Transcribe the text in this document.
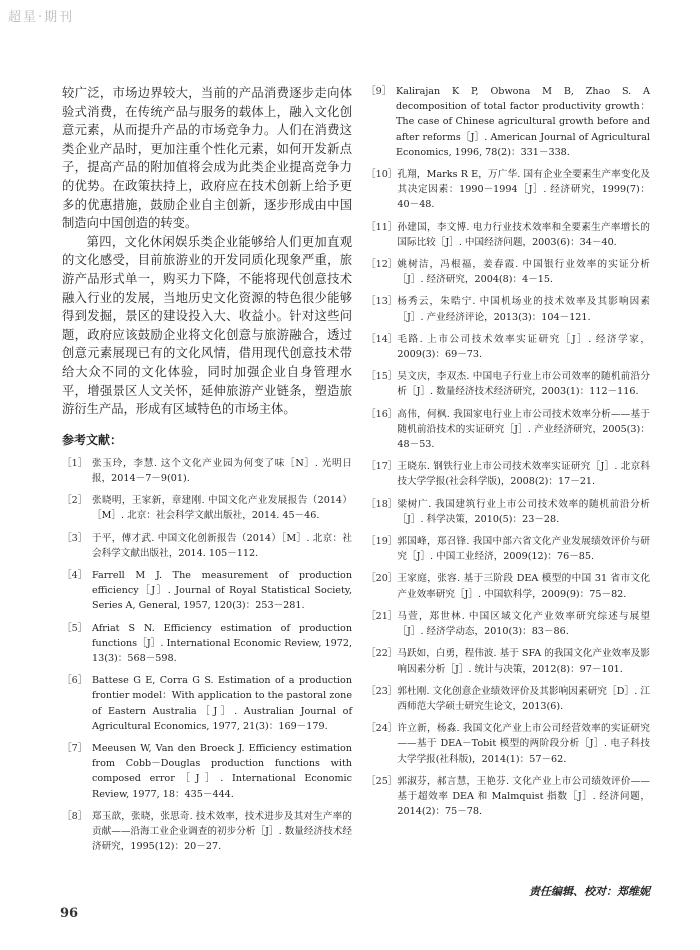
超星·期刊

较广泛，市场边界较大，当前的产品消费逐步走向体验式消费，在传统产品与服务的载体上，融入文化创意元素，从而提升产品的市场竞争力。人们在消费这类企业产品时，更加注重个性化元素，如何开发新点子，提高产品的附加值将会成为此类企业提高竞争力的优势。在政策扶持上，政府应在技术创新上给予更多的优惠措施，鼓励企业自主创新，逐步形成由中国制造向中国创造的转变。

第四，文化休闲娱乐类企业能够给人们更加直观的文化感受，目前旅游业的开发同质化现象严重，旅游产品形式单一，购买力下降，不能将现代创意技术融入行业的发展，当地历史文化资源的特色很少能够得到发掘，景区的建设投入大、收益小。针对这些问题，政府应该鼓励企业将文化创意与旅游融合，透过创意元素展现已有的文化风情，借用现代创意技术带给大众不同的文化体验，同时加强企业自身管理水平，增强景区人文关怀，延伸旅游产业链条，塑造旅游衍生产品，形成有区域特色的市场主体。

参考文献：
［1］ 张玉玲，李慧. 这个文化产业园为何变了味［N］. 光明日报，2014－7－9(01).
［2］ 张晓明，王家新，章建刚. 中国文化产业发展报告（2014）［M］. 北京：社会科学文献出版社，2014. 45－46.
［3］ 于平，傅才武. 中国文化创新报告（2014）［M］. 北京：社会科学文献出版社，2014. 105－112.
［4］ Farrell M J. The measurement of production efficiency［J］. Journal of Royal Statistical Society, Series A, General, 1957, 120(3)：253－281.
［5］ Afriat S N. Efficiency estimation of production functions［J］. International Economic Review, 1972, 13(3)：568－598.
［6］ Battese G E, Corra G S. Estimation of a production frontier model：With application to the pastoral zone of Eastern Australia［J］. Australian Journal of Agricultural Economics, 1977, 21(3)：169－179.
［7］ Meeusen W, Van den Broeck J. Efficiency estimation from Cobb－Douglas production functions with composed error［J］. International Economic Review, 1977, 18：435－444.
［8］ 郑玉歆，张晓，张思奇. 技术效率，技术进步及其对生产率的贡献——沿海工业企业调查的初步分析［J］. 数量经济技术经济研究，1995(12)：20－27.
［9］ Kalirajan K P, Obwona M B, Zhao S. A decomposition of total factor productivity growth：The case of Chinese agricultural growth before and after reforms［J］. American Journal of Agricultural Economics, 1996, 78(2)：331－338.
［10］ 孔翔，Marks R E，万广华. 国有企业全要素生产率变化及其决定因素：1990－1994［J］. 经济研究，1999(7)：40－48.
［11］ 孙建国，李文博. 电力行业技术效率和全要素生产率增长的国际比较［J］. 中国经济问题，2003(6)：34－40.
［12］ 姚树洁，冯根福，姜春霞. 中国银行业效率的实证分析［J］. 经济研究，2004(8)：4－15.
［13］ 杨秀云，朱晧宁. 中国机场业的技术效率及其影响因素［J］. 产业经济评论，2013(3)：104－121.
［14］ 毛路. 上市公司技术效率实证研究［J］. 经济学家，2009(3)：69－73.
［15］ 吴文庆，李双杰. 中国电子行业上市公司效率的随机前沿分析［J］. 数量经济技术经济研究，2003(1)：112－116.
［16］ 高伟，何枫. 我国家电行业上市公司技术效率分析——基于随机前沿技术的实证研究［J］. 产业经济研究，2005(3)：48－53.
［17］ 王晓东. 钢铁行业上市公司技术效率实证研究［J］. 北京科技大学学报(社会科学版)，2008(2)：17－21.
［18］ 梁树广. 我国建筑行业上市公司技术效率的随机前沿分析［J］. 科学决策，2010(5)：23－28.
［19］ 郭国峰，郑召锋. 我国中部六省文化产业发展绩效评价与研究［J］. 中国工业经济，2009(12)：76－85.
［20］ 王家庭，张容. 基于三阶段 DEA 模型的中国 31 省市文化产业效率研究［J］. 中国软科学，2009(9)：75－82.
［21］ 马萱，郑世林. 中国区域文化产业效率研究综述与展望［J］. 经济学动态，2010(3)：83－86.
［22］ 马跃如，白勇，程伟波. 基于 SFA 的我国文化产业效率及影响因素分析［J］. 统计与决策，2012(8)：97－101.
［23］ 郭杜刚. 文化创意企业绩效评价及其影响因素研究［D］. 江西师范大学硕士研究生论文，2013(6).
［24］ 许立新，杨淼. 我国文化产业上市公司经营效率的实证研究——基于 DEA－Tobit 模型的两阶段分析［J］. 电子科技大学学报(社科版)，2014(1)：57－62.
［25］ 郭淑芬，郝言慧，王艳芬. 文化产业上市公司绩效评价——基于超效率 DEA 和 Malmquist 指数［J］. 经济问题，2014(2)：75－78.
责任编辑、校对：郑维妮
96
